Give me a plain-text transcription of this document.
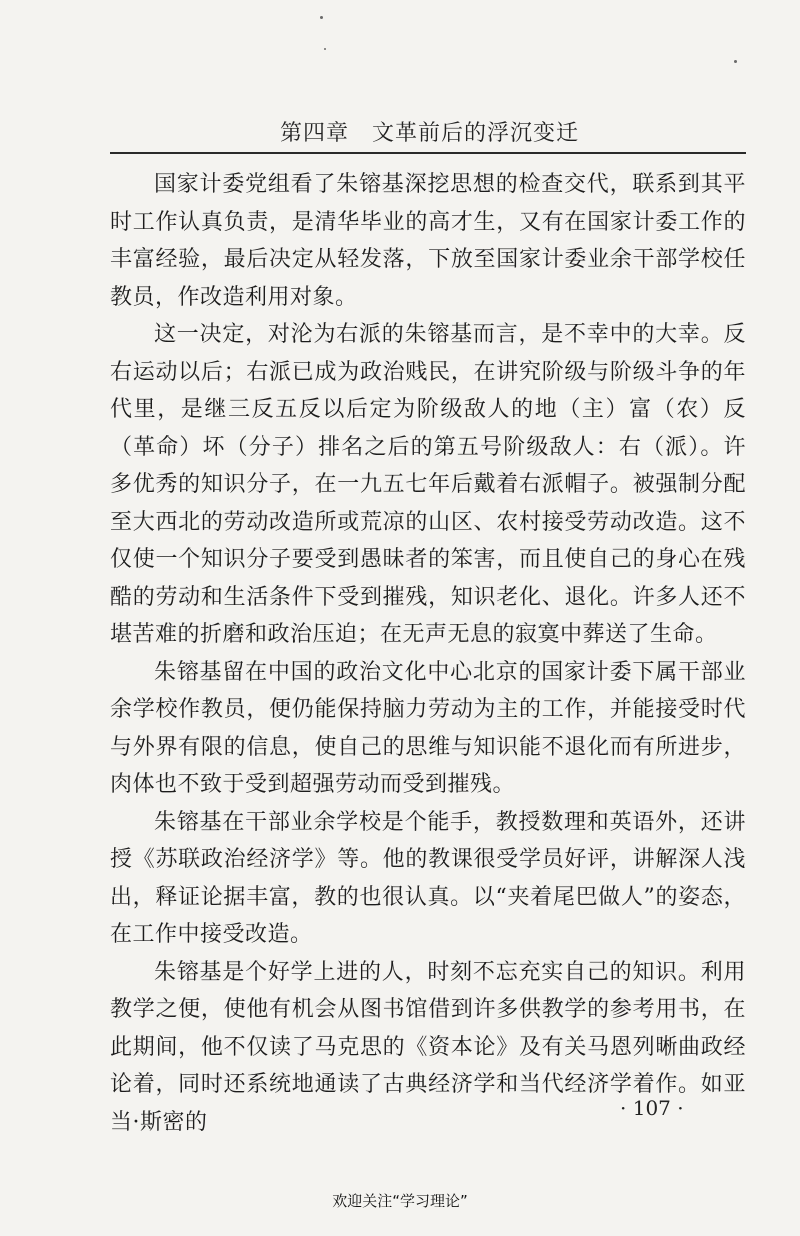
第四章　文革前后的浮沉变迁

国家计委党组看了朱镕基深挖思想的检查交代，联系到其平时工作认真负责，是清华毕业的高才生，又有在国家计委工作的丰富经验，最后决定从轻发落，下放至国家计委业余干部学校任教员，作改造利用对象。

这一决定，对沦为右派的朱镕基而言，是不幸中的大幸。反右运动以后；右派已成为政治贱民，在讲究阶级与阶级斗争的年代里，是继三反五反以后定为阶级敌人的地（主）富（农）反（革命）坏（分子）排名之后的第五号阶级敌人：右（派）。许多优秀的知识分子，在一九五七年后戴着右派帽子。被强制分配至大西北的劳动改造所或荒凉的山区、农村接受劳动改造。这不仅使一个知识分子要受到愚昧者的笨害，而且使自己的身心在残酷的劳动和生活条件下受到摧残，知识老化、退化。许多人还不堪苦难的折磨和政治压迫；在无声无息的寂寞中葬送了生命。

朱镕基留在中国的政治文化中心北京的国家计委下属干部业余学校作教员，便仍能保持脑力劳动为主的工作，并能接受时代与外界有限的信息，使自己的思维与知识能不退化而有所进步，肉体也不致于受到超强劳动而受到摧残。

朱镕基在干部业余学校是个能手，教授数理和英语外，还讲授《苏联政治经济学》等。他的教课很受学员好评，讲解深人浅出，释证论据丰富，教的也很认真。以“夹着尾巴做人”的姿态，在工作中接受改造。

朱镕基是个好学上进的人，时刻不忘充实自己的知识。利用教学之便，使他有机会从图书馆借到许多供教学的参考用书，在此期间，他不仅读了马克思的《资本论》及有关马恩列晰曲政经论着，同时还系统地通读了古典经济学和当代经济学着作。如亚当·斯密的

· 107 ·
欢迎关注“学习理论”
